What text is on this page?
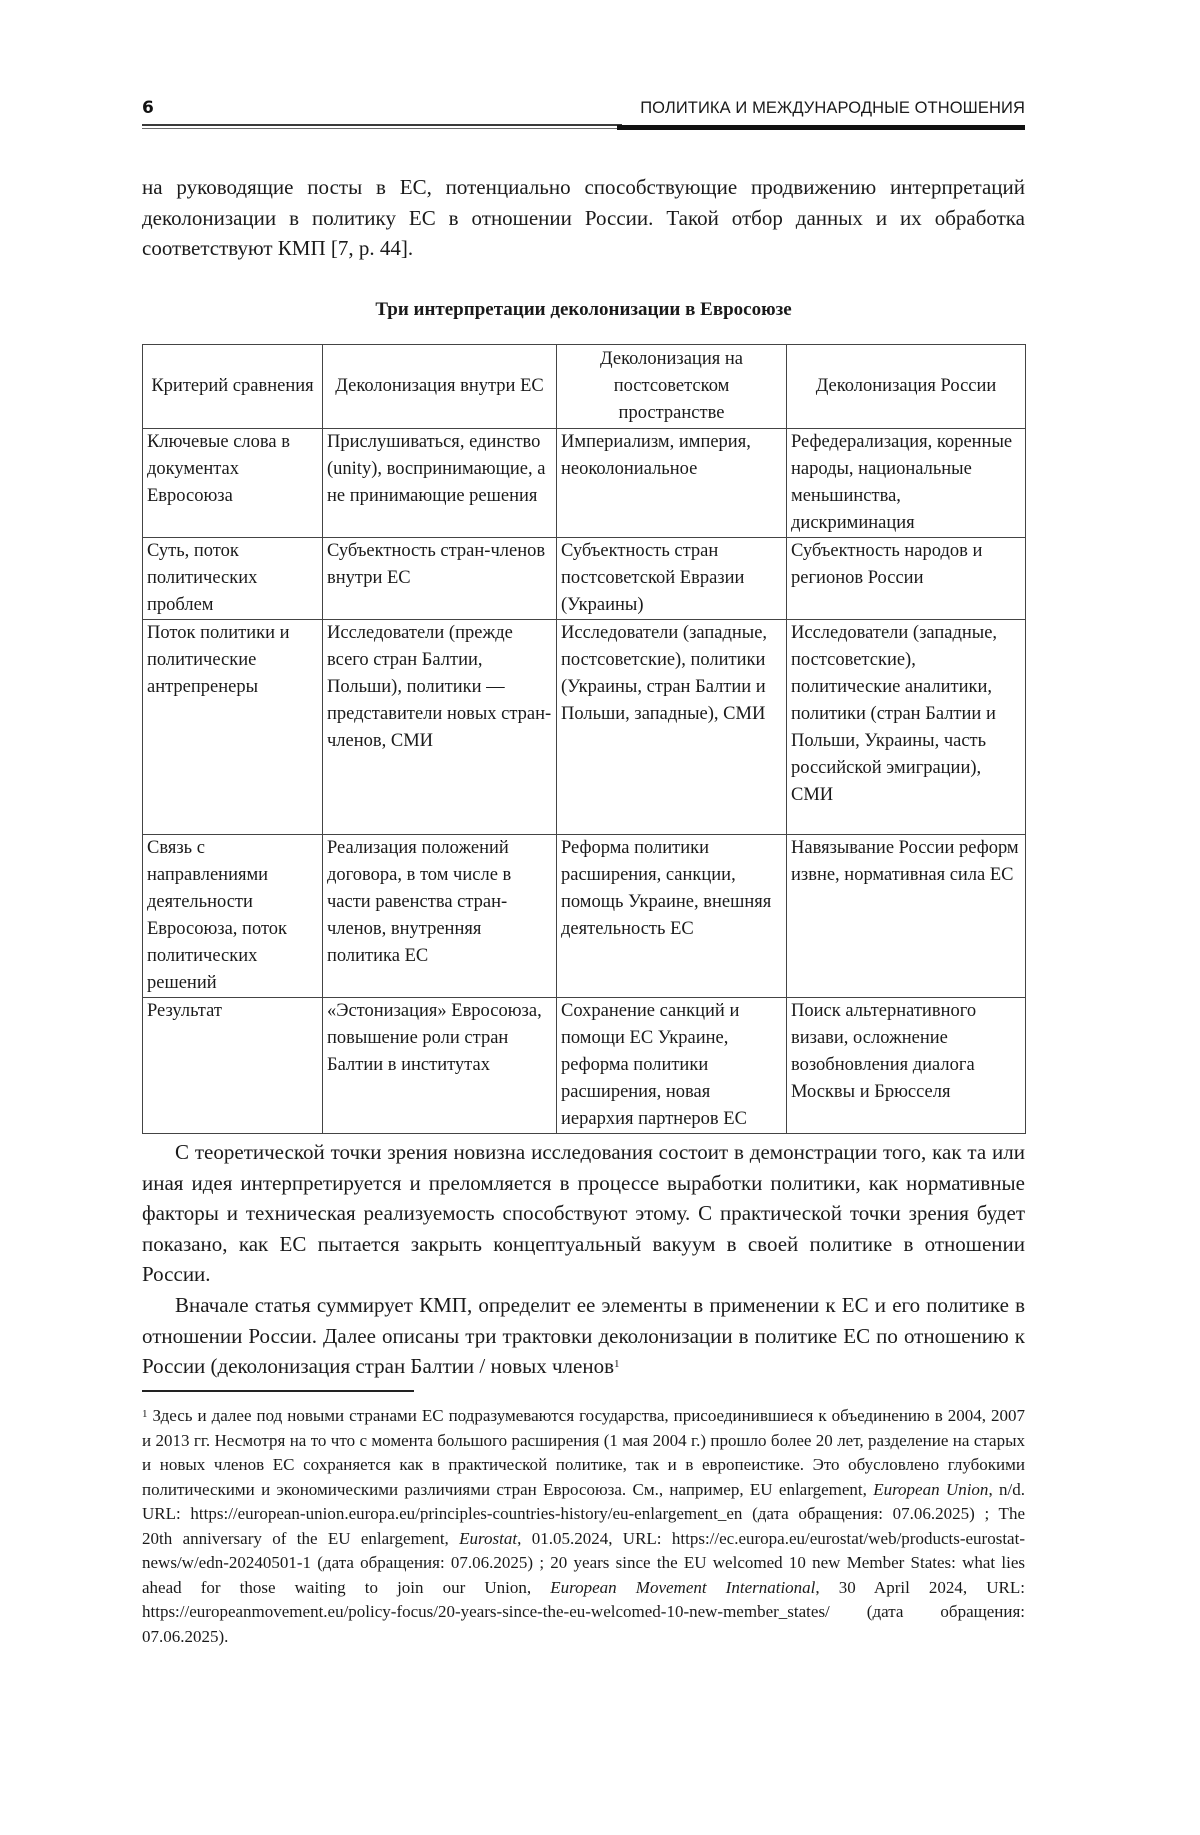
6	ПОЛИТИКА И МЕЖДУНАРОДНЫЕ ОТНОШЕНИЯ

на руководящие посты в ЕС, потенциально способствующие продвижению интерпретаций деколонизации в политику ЕС в отношении России. Такой отбор данных и их обработка соответствуют КМП [7, p. 44].

Три интерпретации деколонизации в Евросоюзе
Критерий сравнения	Деколонизация внутри ЕС	Деколонизация на постсоветском пространстве	Деколонизация России
Ключевые слова в документах Евросоюза	Прислушиваться, единство (unity), воспринимающие, а не принимающие решения	Империализм, империя, неоколониальное	Рефедерализация, коренные народы, национальные меньшинства, дискриминация
Суть, поток политических проблем	Субъектность стран-членов внутри ЕС	Субъектность стран постсоветской Евразии (Украины)	Субъектность народов и регионов России
Поток политики и политические антрепренеры	Исследователи (прежде всего стран Балтии, Польши), политики — представители новых стран-членов, СМИ	Исследователи (западные, постсоветские), политики (Украины, стран Балтии и Польши, западные), СМИ	Исследователи (западные, постсоветские), политические аналитики, политики (стран Балтии и Польши, Украины, часть российской эмиграции), СМИ
Связь с направлениями деятельности Евросоюза, поток политических решений	Реализация положений договора, в том числе в части равенства стран-членов, внутренняя политика ЕС	Реформа политики расширения, санкции, помощь Украине, внешняя деятельность ЕС	Навязывание России реформ извне, нормативная сила ЕС
Результат	«Эстонизация» Евросоюза, повышение роли стран Балтии в институтах	Сохранение санкций и помощи ЕС Украине, реформа политики расширения, новая иерархия партнеров ЕС	Поиск альтернативного визави, осложнение возобновления диалога Москвы и Брюсселя

С теоретической точки зрения новизна исследования состоит в демонстрации того, как та или иная идея интерпретируется и преломляется в процессе выработки политики, как нормативные факторы и техническая реализуемость способствуют этому. С практической точки зрения будет показано, как ЕС пытается закрыть концептуальный вакуум в своей политике в отношении России.

Вначале статья суммирует КМП, определит ее элементы в применении к ЕС и его политике в отношении России. Далее описаны три трактовки деколонизации в политике ЕС по отношению к России (деколонизация стран Балтии / новых членов$^1$

$^1$ Здесь и далее под новыми странами ЕС подразумеваются государства, присоединившиеся к объединению в 2004, 2007 и 2013 гг. Несмотря на то что с момента большого расширения (1 мая 2004 г.) прошло более 20 лет, разделение на старых и новых членов ЕС сохраняется как в практической политике, так и в европеистике. Это обусловлено глубокими политическими и экономическими различиями стран Евросоюза. См., например, EU enlargement, European Union, n/d. URL: https://european-union.europa.eu/principles-countries-history/eu-enlargement_en (дата обращения: 07.06.2025) ; The 20th anniversary of the EU enlargement, Eurostat, 01.05.2024, URL: https://ec.europa.eu/eurostat/web/products-eurostat-news/w/edn-20240501-1 (дата обращения: 07.06.2025) ; 20 years since the EU welcomed 10 new Member States: what lies ahead for those waiting to join our Union, European Movement International, 30 April 2024, URL: https://europeanmovement.eu/policy-focus/20-years-since-the-eu-welcomed-10-new-member_states/ (дата обращения: 07.06.2025).
